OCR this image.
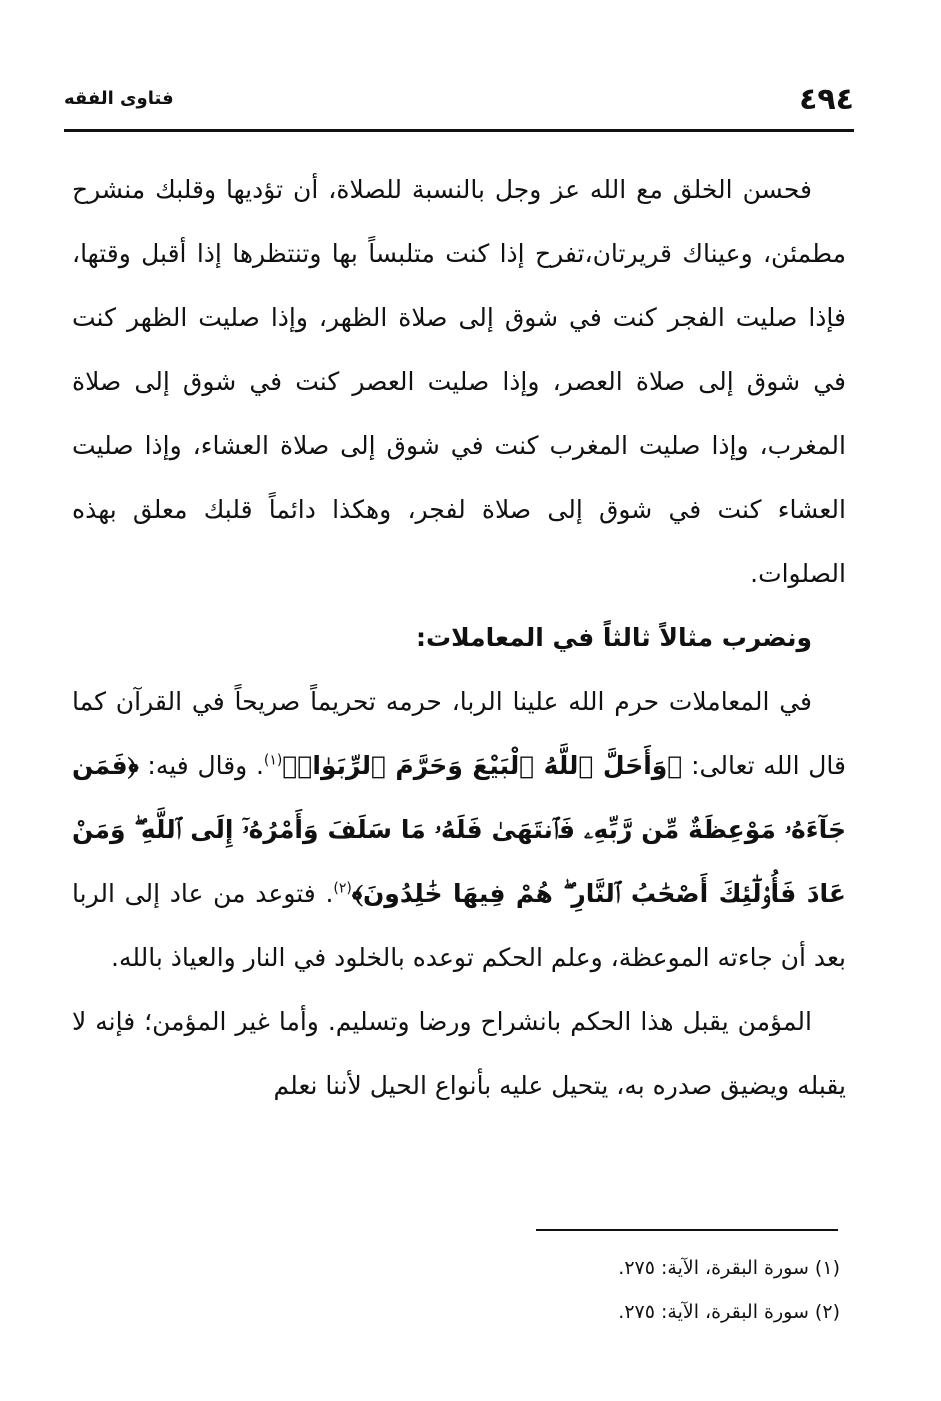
٤٩٤
فتاوى الفقه

فحسن الخلق مع الله عز وجل بالنسبة للصلاة، أن تؤديها وقلبك منشرح مطمئن، وعيناك قريرتان،تفرح إذا كنت متلبساً بها وتنتظرها إذا أقبل وقتها، فإذا صليت الفجر كنت في شوق إلى صلاة الظهر، وإذا صليت الظهر كنت في شوق إلى صلاة العصر، وإذا صليت العصر كنت في شوق إلى صلاة المغرب، وإذا صليت المغرب كنت في شوق إلى صلاة العشاء، وإذا صليت العشاء كنت في شوق إلى صلاة لفجر، وهكذا دائماً قلبك معلق بهذه الصلوات.

ونضرب مثالاً ثالثاً في المعاملات:

في المعاملات حرم الله علينا الربا، حرمه تحريماً صريحاً في القرآن كما قال الله تعالى: ﴿وَأَحَلَّ ٱللَّهُ ٱلْبَيْعَ وَحَرَّمَ ٱلرِّبَوٰا۟﴾$^{(١)}$. وقال فيه: ﴿فَمَن جَآءَهُۥ مَوْعِظَةٌ مِّن رَّبِّهِۦ فَٱنتَهَىٰ فَلَهُۥ مَا سَلَفَ وَأَمْرُهُۥٓ إِلَى ٱللَّهِ ۖ وَمَنْ عَادَ فَأُو۟لَٰٓئِكَ أَصْحَٰبُ ٱلنَّارِ ۖ هُمْ فِيهَا خَٰلِدُونَ﴾$^{(٢)}$. فتوعد من عاد إلى الربا بعد أن جاءته الموعظة، وعلم الحكم توعده بالخلود في النار والعياذ بالله.

المؤمن يقبل هذا الحكم بانشراح ورضا وتسليم. وأما غير المؤمن؛ فإنه لا يقبله ويضيق صدره به، يتحيل عليه بأنواع الحيل لأننا نعلم

(١) سورة البقرة، الآية: ٢٧٥.
(٢) سورة البقرة، الآية: ٢٧٥.
